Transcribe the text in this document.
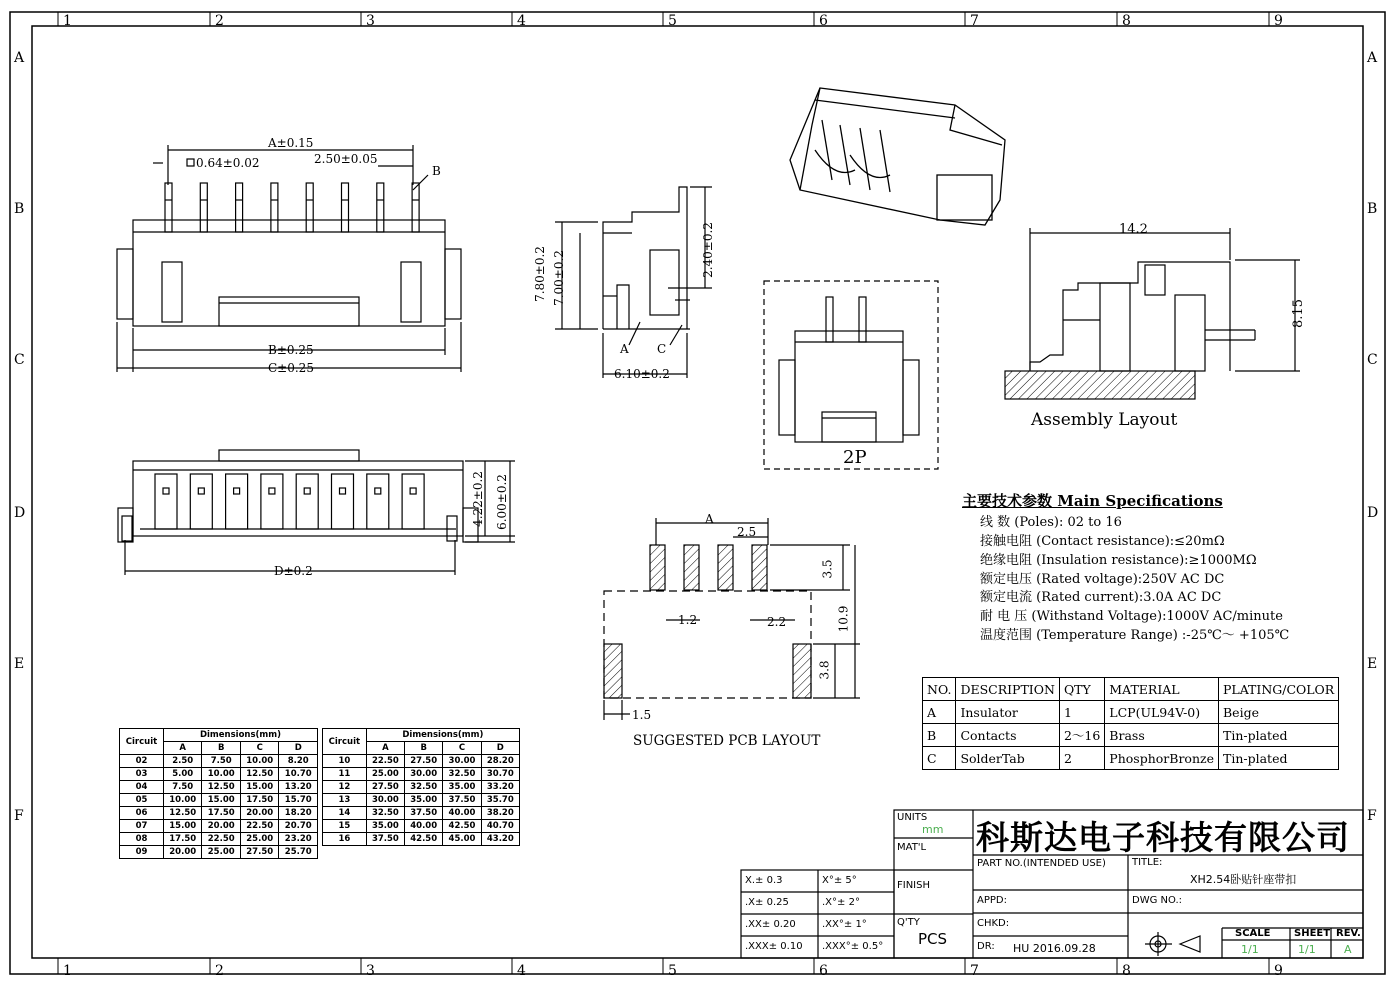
1
1
2
2
3
3
4
4
5
5
6
6
7
7
8
8
9
9
A	A
B	B
C	C
D	D
E	E
F	F
A±0.15
0.64±0.02	2.50±0.05
B
B±0.25
C±0.25
7.80±0.2 7.00±0.2
2.40±0.2
6.10±0.2
A C
D±0.2
4.22±0.2 6.00±0.2
2P
Assembly Layout
14.2
8.15
SUGGESTED PCB LAYOUT
A
2.5
3.5
10.9
1.2	2.2
3.8
1.5
主要技术参数 Main Specifications
线 数 (Poles): 02 to 16
接触电阻 (Contact resistance):≤20mΩ
绝缘电阻 (Insulation resistance):≥1000MΩ
额定电压 (Rated voltage):250V AC DC
额定电流 (Rated current):3.0A AC DC
耐 电 压 (Withstand Voltage):1000V AC/minute
温度范围 (Temperature Range) :-25℃～ +105℃
NO.	DESCRIPTION	QTY	MATERIAL	PLATING/COLOR
A	Insulator	1	LCP(UL94V-0)	Beige
B	Contacts	2～16	Brass	Tin-plated
C	SolderTab	2	PhosphorBronze	Tin-plated
Circuit	Dimensions(mm)			
	A	B	C	D
02	2.50	7.50	10.00	8.20
03	5.00	10.00	12.50	10.70
04	7.50	12.50	15.00	13.20
05	10.00	15.00	17.50	15.70
06	12.50	17.50	20.00	18.20
07	15.00	20.00	22.50	20.70
08	17.50	22.50	25.00	23.20
09	20.00	25.00	27.50	25.70
Circuit	Dimensions(mm)			
	A	B	C	D
10	22.50	27.50	30.00	28.20
11	25.00	30.00	32.50	30.70
12	27.50	32.50	35.00	33.20
13	30.00	35.00	37.50	35.70
14	32.50	37.50	40.00	38.20
15	35.00	40.00	42.50	40.70
16	37.50	42.50	45.00	43.20
X.± 0.3
.X± 0.25
.XX± 0.20
.XXX± 0.10
X°± 5°
.X°± 2°
.XX°± 1°
.XXX°± 0.5°
UNITS
mm
MAT'L
FINISH
Q'TY
PCS
科斯达电子科技有限公司
PART NO.(INTENDED USE)	TITLE:
XH2.54卧贴针座带扣
APPD:	DWG NO.:
CHKD:
DR: HU 2016.09.28
SCALE
1/1
SHEET
1/1
REV.
A
